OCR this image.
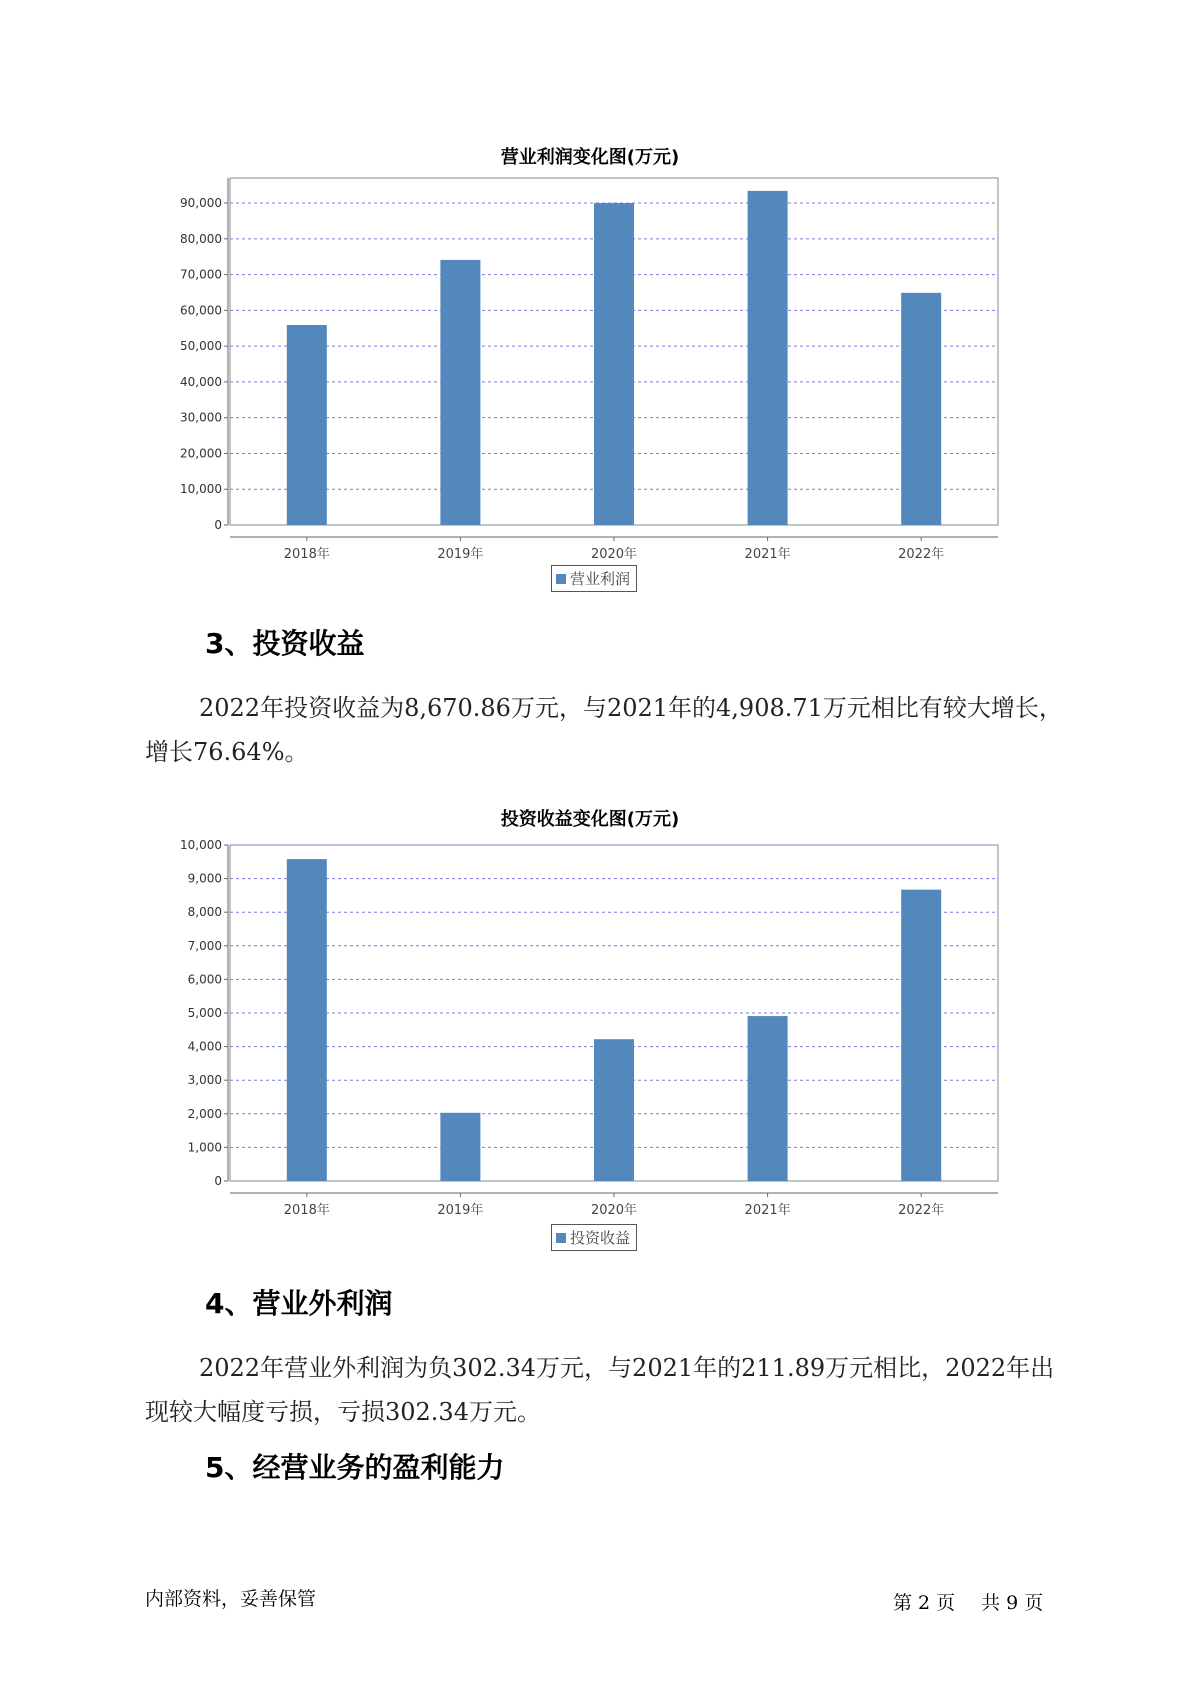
营业利润变化图(万元)
0
10,000
20,000
30,000
40,000
50,000
60,000
70,000
80,000
90,000
2018年	2019年	2020年	2021年	2022年
营业利润
3、投资收益
2022年投资收益为8,670.86万元，与2021年的4,908.71万元相比有较大增长，增长76.64%。
投资收益变化图(万元)
0
1,000
2,000
3,000
4,000
5,000
6,000
7,000
8,000
9,000
10,000
2018年	2019年	2020年	2021年	2022年
投资收益
4、营业外利润
2022年营业外利润为负302.34万元，与2021年的211.89万元相比，2022年出现较大幅度亏损，亏损302.34万元。
5、经营业务的盈利能力
内部资料，妥善保管	第 2 页 共 9 页
